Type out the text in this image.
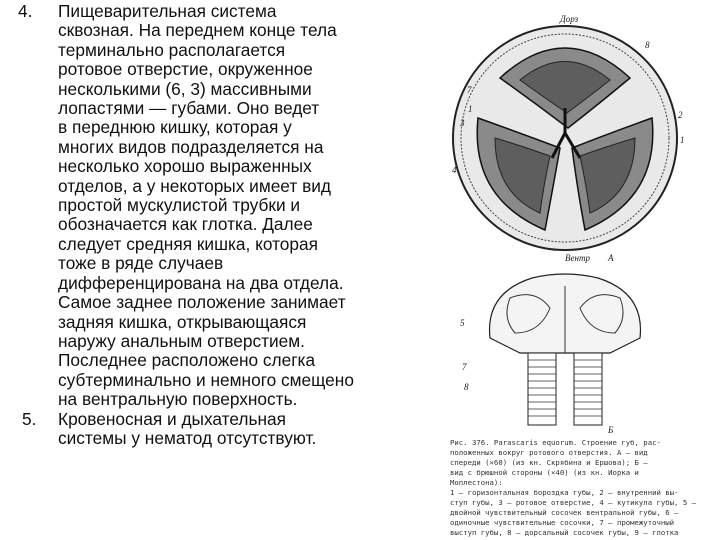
4.	Пищеварительная система
сквозная. На переднем конце тела
терминально располагается
ротовое отверстие, окруженное
несколькими (6, 3) массивными
лопастями — губами. Оно ведет
в переднюю кишку, которая у
многих видов подразделяется на
несколько хорошо выраженных
отделов, а у некоторых имеет вид
простой мускулистой трубки и
обозначается как глотка. Далее
следует средняя кишка, которая
тоже в ряде случаев
дифференцирована на два отдела.
Самое заднее положение занимает
задняя кишка, открывающаяся
наружу анальным отверстием.
Последнее расположено слегка
субтерминально и немного смещено
на вентральную поверхность.
5.	Кровеносная и дыхательная
системы у нематод отсутствуют.
Дорз
Вентр А
8
7
1
3
4
1
2
5
7
8
Б
Рис. 376. Parascaris equorum. Строение губ, рас-
положенных вокруг ротового отверстия. А — вид
спереди (×60) (из кн. Скрябина и Ершова); Б —
вид с брюшной стороны (×40) (из кн. Иорка и
Моплестона):
1 — горизонтальная бороздка губы, 2 — внутренний вы-
ступ губы, 3 — ротовое отверстие, 4 — кутикула губы, 5 —
двойной чувствительный сосочек вентральной губы, 6 —
одиночные чувствительные сосочки, 7 — промежуточный
выступ губы, 8 — дорсальный сосочек губы, 9 — глотка
